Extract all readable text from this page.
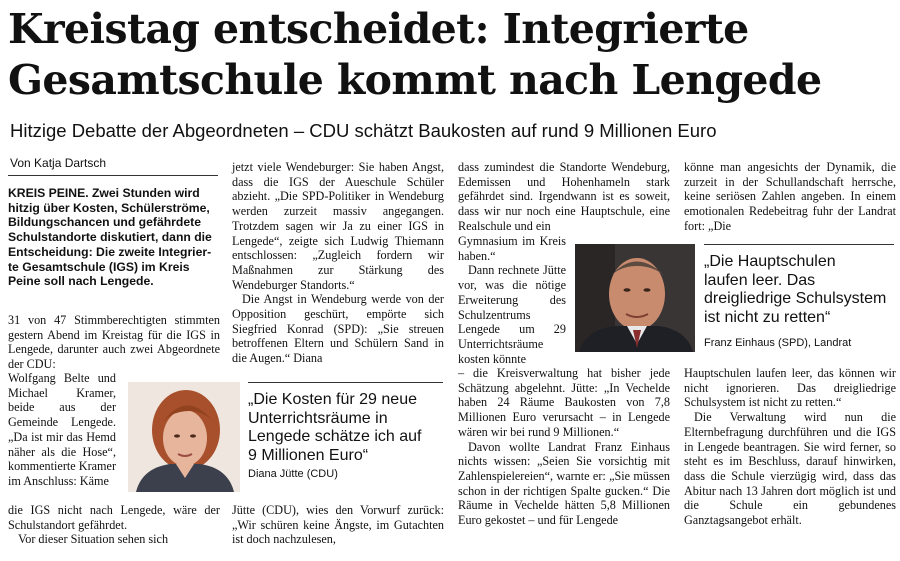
Kreistag entscheidet: Integrierte
Gesamtschule kommt nach Lengede
Hitzige Debatte der Abgeordneten – CDU schätzt Baukosten auf rund 9 Millionen Euro
Von Katja Dartsch
KREIS PEINE. Zwei Stunden wird
hitzig über Kosten, Schülerströme,
Bildungschancen und gefährdete
Schulstandorte diskutiert, dann die
Entscheidung: Die zweite Integrier-
te Gesamtschule (IGS) im Kreis
Peine soll nach Lengede.

31 von 47 Stimmberechtigten stimmten gestern Abend im Kreistag für die IGS in Lengede, darunter auch zwei Abgeordnete der CDU:

Wolfgang Belte und Michael Kramer, beide aus der Gemeinde Lengede. „Da ist mir das Hemd näher als die Hose“, kommentierte Kramer im Anschluss: Käme

die IGS nicht nach Lengede, wäre der Schulstandort gefährdet.

Vor dieser Situation sehen sich

jetzt viele Wendeburger: Sie haben Angst, dass die IGS der Aueschule Schüler abzieht. „Die SPD-Politiker in Wendeburg werden zurzeit massiv angegangen. Trotzdem sagen wir Ja zu einer IGS in Lengede“, zeigte sich Ludwig Thiemann entschlossen: „Zugleich fordern wir Maßnahmen zur Stärkung des Wendeburger Standorts.“

Die Angst in Wendeburg werde von der Opposition geschürt, empörte sich Siegfried Konrad (SPD): „Sie streuen betroffenen Eltern und Schülern Sand in die Augen.“ Diana

Jütte (CDU), wies den Vorwurf zurück: „Wir schüren keine Ängste, im Gutachten ist doch nachzulesen,

„Die Kosten für 29 neue
Unterrichtsräume in
Lengede schätze ich auf
9 Millionen Euro“
Diana Jütte (CDU)

dass zumindest die Standorte Wendeburg, Edemissen und Hohenhameln stark gefährdet sind. Irgendwann ist es soweit, dass wir nur noch eine Hauptschule, eine Realschule und ein

Gymnasium im Kreis haben.“

Dann rechnete Jütte vor, was die nötige Erweiterung des Schulzentrums Lengede um 29 Unterrichtsräume kosten könnte

– die Kreisverwaltung hat bisher jede Schätzung abgelehnt. Jütte: „In Vechelde haben 24 Räume Baukosten von 7,8 Millionen Euro verursacht – in Lengede wären wir bei rund 9 Millionen.“

Davon wollte Landrat Franz Einhaus nichts wissen: „Seien Sie vorsichtig mit Zahlenspielereien“, warnte er: „Sie müssen schon in der richtigen Spalte gucken.“ Die Räume in Vechelde hätten 5,8 Millionen Euro gekostet – und für Lengede

„Die Hauptschulen
laufen leer. Das
dreigliedrige Schulsystem
ist nicht zu retten“
Franz Einhaus (SPD), Landrat

könne man angesichts der Dynamik, die zurzeit in der Schullandschaft herrsche, keine seriösen Zahlen angeben. In einem emotionalen Redebeitrag fuhr der Landrat fort: „Die

Hauptschulen laufen leer, das können wir nicht ignorieren. Das dreigliedrige Schulsystem ist nicht zu retten.“

Die Verwaltung wird nun die Elternbefragung durchführen und die IGS in Lengede beantragen. Sie wird ferner, so steht es im Beschluss, darauf hinwirken, dass die Schule vierzügig wird, dass das Abitur nach 13 Jahren dort möglich ist und die Schule ein gebundenes Ganztagsangebot erhält.
